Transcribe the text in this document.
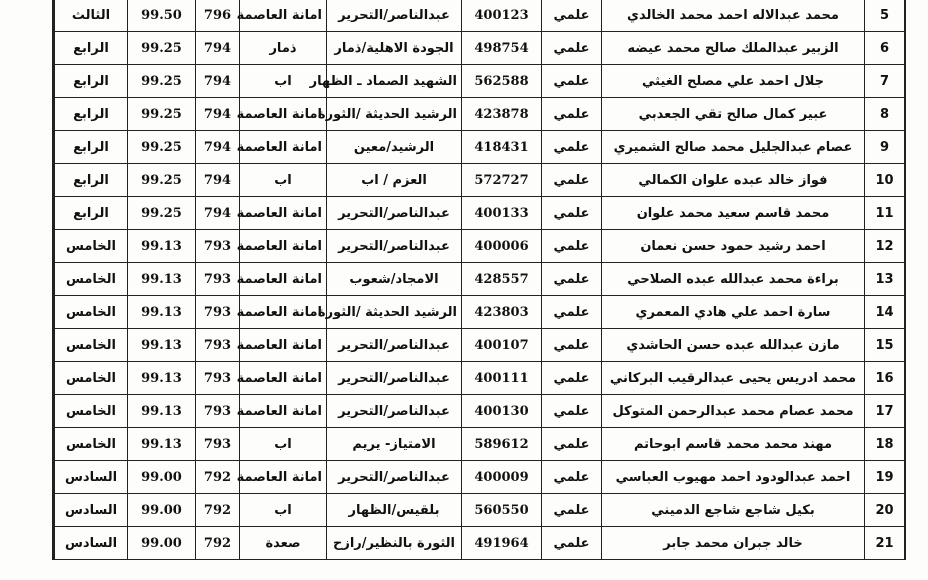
5	محمد عبدالاله احمد محمد الخالدي	علمي	400123	عبدالناصر/التحرير	امانة العاصمة	796	99.50	الثالث
6	الزبير عبدالملك صالح محمد عيضه	علمي	498754	الجودة الاهلية/ذمار	ذمار	794	99.25	الرابع
7	جلال احمد علي مصلح الغيثي	علمي	562588	الشهيد الصماد ـ الظهار	اب	794	99.25	الرابع
8	عبير كمال صالح تقي الجعدبي	علمي	423878	الرشيد الحديثة /الثورة	امانة العاصمة	794	99.25	الرابع
9	عصام عبدالجليل محمد صالح الشميري	علمي	418431	الرشيد/معين	امانة العاصمة	794	99.25	الرابع
10	فواز خالد عبده علوان الكمالي	علمي	572727	العزم / اب	اب	794	99.25	الرابع
11	محمد قاسم سعيد محمد علوان	علمي	400133	عبدالناصر/التحرير	امانة العاصمة	794	99.25	الرابع
12	احمد رشيد حمود حسن نعمان	علمي	400006	عبدالناصر/التحرير	امانة العاصمة	793	99.13	الخامس
13	براءة محمد عبدالله عبده الصلاحي	علمي	428557	الامجاد/شعوب	امانة العاصمة	793	99.13	الخامس
14	سارة احمد علي هادي المعمري	علمي	423803	الرشيد الحديثة /الثورة	امانة العاصمة	793	99.13	الخامس
15	مازن عبدالله عبده حسن الحاشدي	علمي	400107	عبدالناصر/التحرير	امانة العاصمة	793	99.13	الخامس
16	محمد ادريس يحيى عبدالرقيب البركاني	علمي	400111	عبدالناصر/التحرير	امانة العاصمة	793	99.13	الخامس
17	محمد عصام محمد عبدالرحمن المتوكل	علمي	400130	عبدالناصر/التحرير	امانة العاصمة	793	99.13	الخامس
18	مهند محمد محمد قاسم ابوحاتم	علمي	589612	الامتياز- يريم	اب	793	99.13	الخامس
19	احمد عبدالودود احمد مهيوب العباسي	علمي	400009	عبدالناصر/التحرير	امانة العاصمة	792	99.00	السادس
20	بكيل شاجع شاجع الدميني	علمي	560550	بلقيس/الظهار	اب	792	99.00	السادس
21	خالد جبران محمد جابر	علمي	491964	الثورة بالنظير/رازح	صعدة	792	99.00	السادس
